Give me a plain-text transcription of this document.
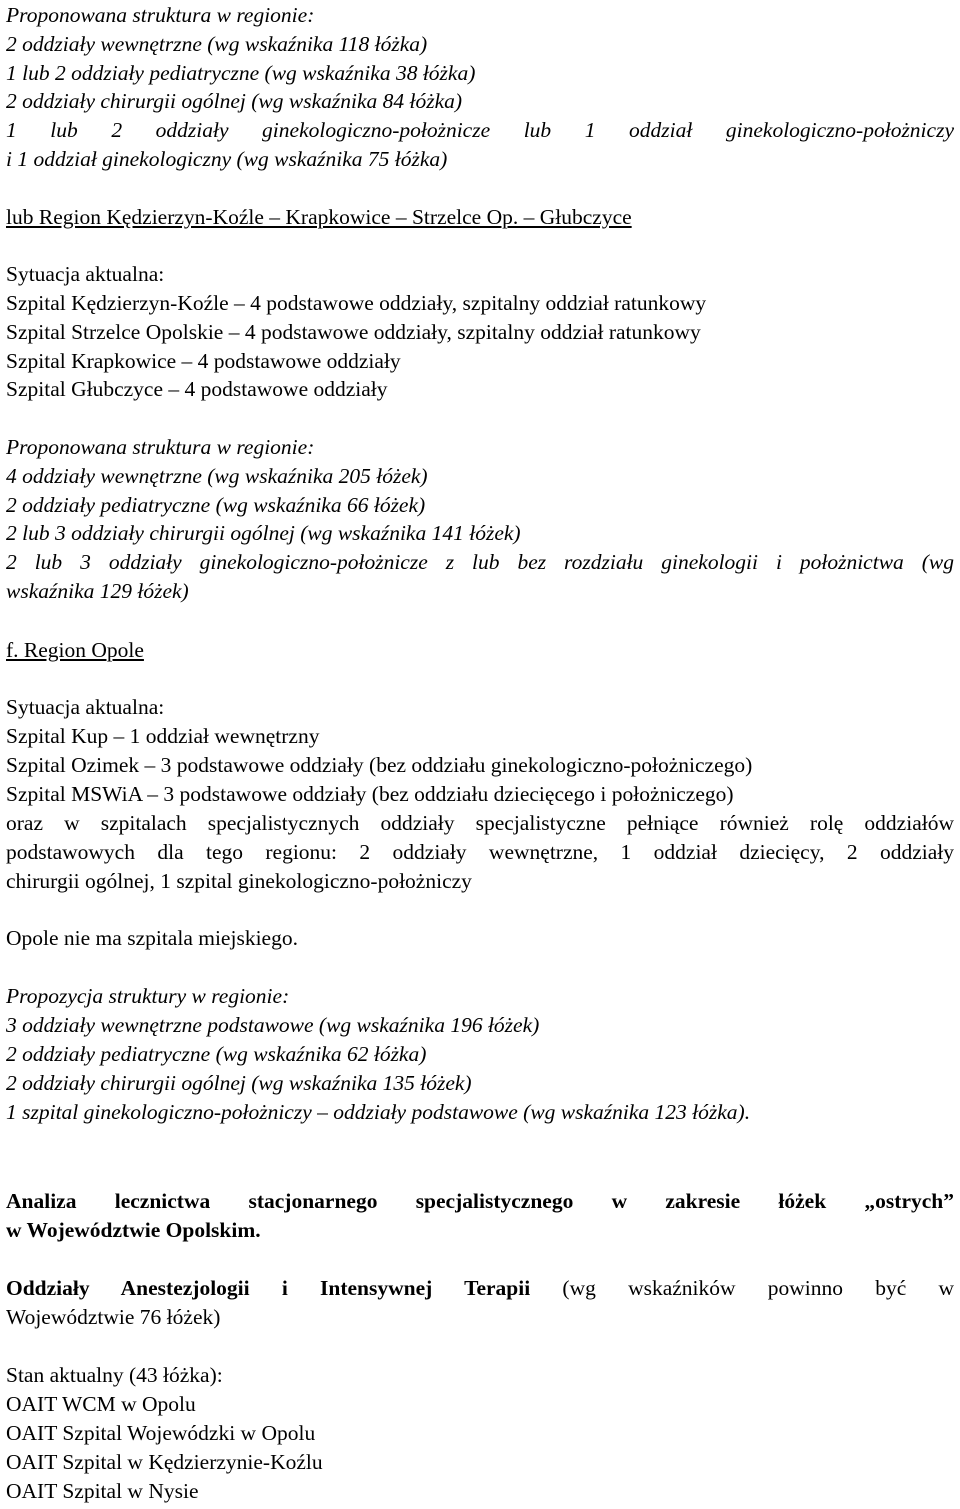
Proponowana struktura w regionie:
2 oddziały wewnętrzne (wg wskaźnika 118 łóżka)
1 lub 2 oddziały pediatryczne (wg wskaźnika 38 łóżka)
2 oddziały chirurgii ogólnej (wg wskaźnika 84 łóżka)
1 lub 2 oddziały ginekologiczno-położnicze lub 1 oddział ginekologiczno-położniczy
i 1 oddział ginekologiczny (wg wskaźnika 75 łóżka)
lub Region Kędzierzyn-Koźle – Krapkowice – Strzelce Op. – Głubczyce
Sytuacja aktualna:
Szpital Kędzierzyn-Koźle – 4 podstawowe oddziały, szpitalny oddział ratunkowy
Szpital Strzelce Opolskie – 4 podstawowe oddziały, szpitalny oddział ratunkowy
Szpital Krapkowice – 4 podstawowe oddziały
Szpital Głubczyce – 4 podstawowe oddziały
Proponowana struktura w regionie:
4 oddziały wewnętrzne (wg wskaźnika 205 łóżek)
2 oddziały pediatryczne (wg wskaźnika 66 łóżek)
2 lub 3 oddziały chirurgii ogólnej (wg wskaźnika 141 łóżek)
2 lub 3 oddziały ginekologiczno-położnicze z lub bez rozdziału ginekologii i położnictwa (wg
wskaźnika 129 łóżek)
f. Region Opole
Sytuacja aktualna:
Szpital Kup – 1 oddział wewnętrzny
Szpital Ozimek – 3 podstawowe oddziały (bez oddziału ginekologiczno-położniczego)
Szpital MSWiA – 3 podstawowe oddziały (bez oddziału dziecięcego i położniczego)
oraz w szpitalach specjalistycznych oddziały specjalistyczne pełniące również rolę oddziałów
podstawowych dla tego regionu: 2 oddziały wewnętrzne, 1 oddział dziecięcy, 2 oddziały
chirurgii ogólnej, 1 szpital ginekologiczno-położniczy
Opole nie ma szpitala miejskiego.
Propozycja struktury w regionie:
3 oddziały wewnętrzne podstawowe (wg wskaźnika 196 łóżek)
2 oddziały pediatryczne (wg wskaźnika 62 łóżka)
2 oddziały chirurgii ogólnej (wg wskaźnika 135 łóżek)
1 szpital ginekologiczno-położniczy – oddziały podstawowe (wg wskaźnika 123 łóżka).
Analiza lecznictwa stacjonarnego specjalistycznego w zakresie łóżek „ostrych”
w Województwie Opolskim.
Oddziały Anestezjologii i Intensywnej Terapii (wg wskaźników powinno być w
Województwie 76 łóżek)
Stan aktualny (43 łóżka):
OAIT WCM w Opolu
OAIT Szpital Wojewódzki w Opolu
OAIT Szpital w Kędzierzynie-Koźlu
OAIT Szpital w Nysie
